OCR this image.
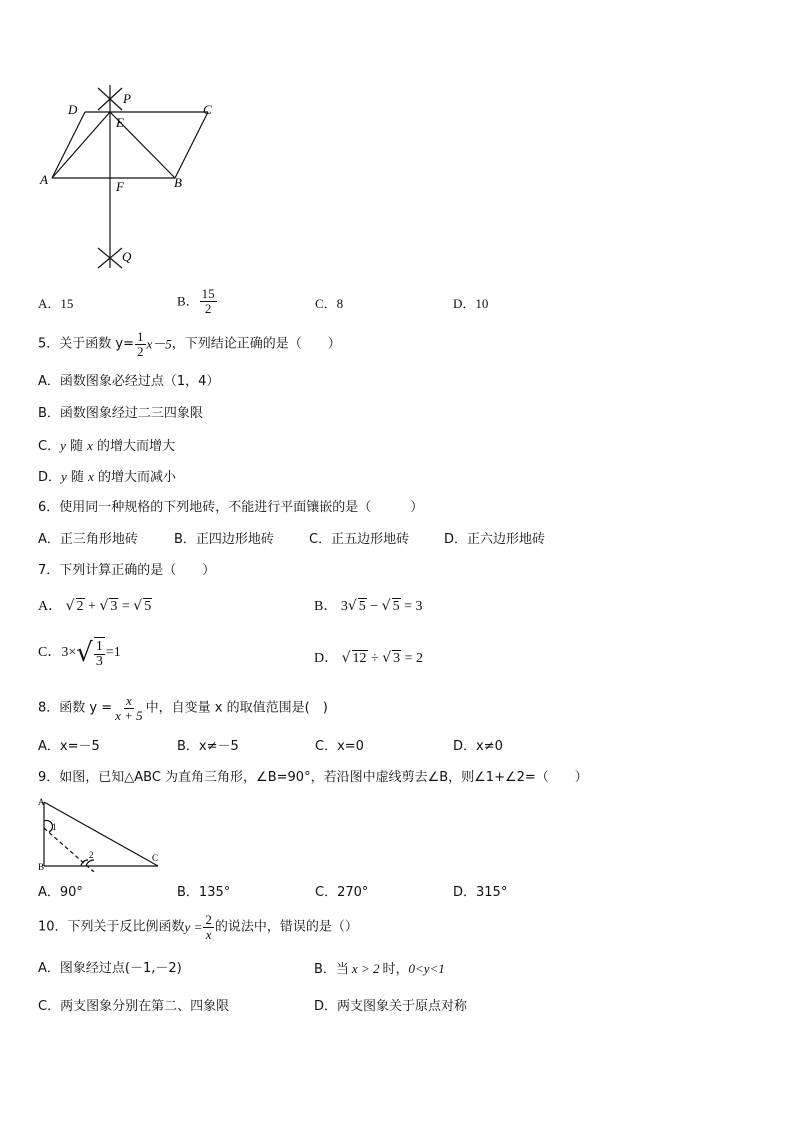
D
P
C
E
A	F	B
Q
A．15	B． $\frac{15}{2}$	C．8	D．10
5．关于函数 $y= \frac{1}{2} x-5$，下列结论正确的是（　　）
A．函数图象必经过点（1，4）
B．函数图象经过二三四象限
C．y 随 x 的增大而增大
D．y 随 x 的增大而减小
6．使用同一种规格的下列地砖，不能进行平面镶嵌的是（　　　）
A．正三角形地砖	B．正四边形地砖	C．正五边形地砖	D．正六边形地砖
7．下列计算正确的是（　　）
A． √ 2 + √ 3 = √ 5	B． 3√ 5 − √ 5 = 3
C．$3\times√ \frac{1}{3} =1$	D． √ 12 ÷ √ 3 = 2
8．函数 $y = \frac{x}{x + 5}$ 中，自变量 x 的取值范围是(　)
A．x=－5	B．x≠－5	C．x=0	D．x≠0
9．如图，已知△ABC 为直角三角形，∠B=90°，若沿图中虚线剪去∠B，则∠1+∠2=（　　）
A
B
C
1
2
A．90°	B．135°	C．270°	D．315°
10．下列关于反比例函数$y = \frac{2}{x}$ 的说法中，错误的是（）
A．图象经过点(－1,－2)	B．当 x > 2 时，0<y<1
C．两支图象分别在第二、四象限	D．两支图象关于原点对称
